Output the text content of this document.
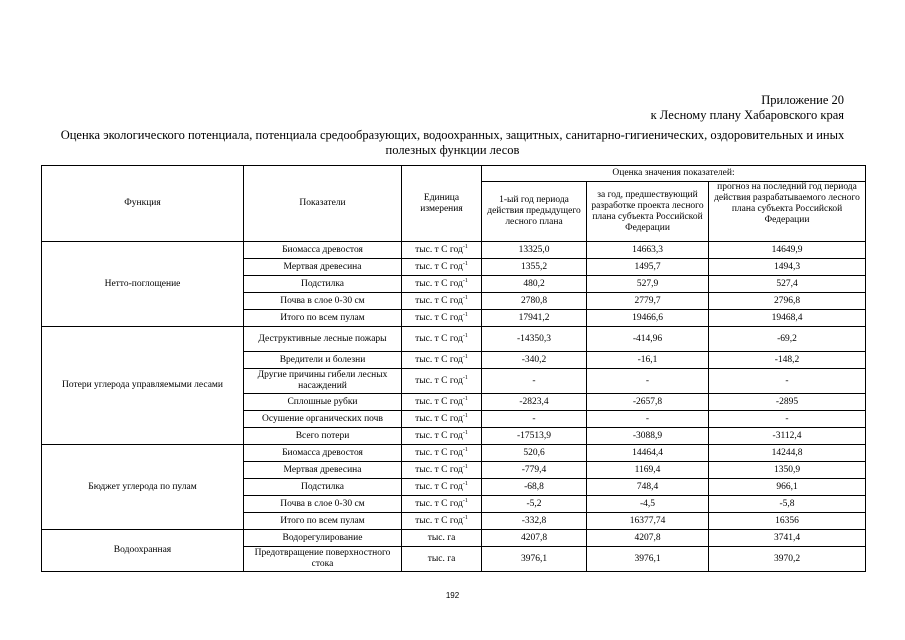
Приложение 20
к Лесному плану Хабаровского края
Оценка экологического потенциала, потенциала средообразующих, водоохранных, защитных, санитарно-гигиенических, оздоровительных и иных полезных функции лесов
Функция	Показатели	Единица измерения	Оценка значения показателей:		
			1-ый год периода действия предыдущего лесного плана	за год, предшествующий разработке проекта лесного плана субъекта Российской Федерации	прогноз на последний год периода действия разрабатываемого лесного плана субъекта Российской Федерации
Нетто-поглощение	Биомасса древостоя	тыс. т С год$^{-1}$	13325,0	14663,3	14649,9
	Мертвая древесина	тыс. т С год$^{-1}$	1355,2	1495,7	1494,3
	Подстилка	тыс. т С год$^{-1}$	480,2	527,9	527,4
	Почва в слое 0-30 см	тыс. т С год$^{-1}$	2780,8	2779,7	2796,8
	Итого по всем пулам	тыс. т С год$^{-1}$	17941,2	19466,6	19468,4
Потери углерода управляемыми лесами	Деструктивные лесные пожары	тыс. т С год$^{-1}$	-14350,3	-414,96	-69,2
	Вредители и болезни	тыс. т С год$^{-1}$	-340,2	-16,1	-148,2
	Другие причины гибели лесных насаждений	тыс. т С год$^{-1}$	-	-	-
	Сплошные рубки	тыс. т С год$^{-1}$	-2823,4	-2657,8	-2895
	Осушение органических почв	тыс. т С год$^{-1}$	-	-	-
	Всего потери	тыс. т С год$^{-1}$	-17513,9	-3088,9	-3112,4
Бюджет углерода по пулам	Биомасса древостоя	тыс. т С год$^{-1}$	520,6	14464,4	14244,8
	Мертвая древесина	тыс. т С год$^{-1}$	-779,4	1169,4	1350,9
	Подстилка	тыс. т С год$^{-1}$	-68,8	748,4	966,1
	Почва в слое 0-30 см	тыс. т С год$^{-1}$	-5,2	-4,5	-5,8
	Итого по всем пулам	тыс. т С год$^{-1}$	-332,8	16377,74	16356
Водоохранная	Водорегулирование	тыс. га	4207,8	4207,8	3741,4
	Предотвращение поверхностного стока	тыс. га	3976,1	3976,1	3970,2
192
